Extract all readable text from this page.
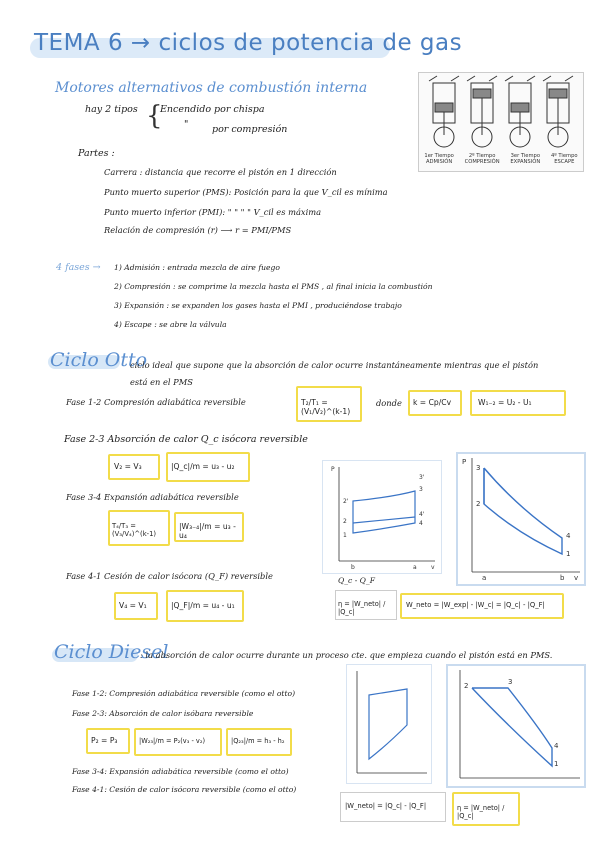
TEMA 6 → ciclos de potencia de gas
1er Tiempo
ADMISIÓN
2º Tiempo
COMPRESIÓN
3er Tiempo
EXPANSIÓN
4º Tiempo
ESCAPE
Motores alternativos de combustión interna
hay 2 tipos {
Encendido por chispa
" por compresión
Partes :
Carrera : distancia que recorre el pistón en 1 dirección
Punto muerto superior (PMS): Posición para la que V_cil es mínima
Punto muerto inferior (PMI): " " " " V_cil es máxima
Relación de compresión (r) ⟶ r = PMI/PMS
4 fases → 1) Admisión : entrada mezcla de aire fuego
2) Compresión : se comprime la mezcla hasta el PMS , al final inicia la combustión
3) Expansión : se expanden los gases hasta el PMI , produciéndose trabajo
4) Escape : se abre la válvula
Ciclo Otto
ciclo ideal que supone que la absorción de calor ocurre instantáneamente mientras que el pistón
está en el PMS
Fase 1-2 Compresión adiabática reversible	T₂/T₁ = (V₁/V₂)^(k-1)
donde	k = Cp/Cv	W₁₋₂ = U₂ - U₁
Fase 2-3 Absorción de calor Q_c isócora reversible
V₂ = V₃	|Q_c|/m = u₃ - u₂
Fase 3-4 Expansión adiabática reversible
T₄/T₃ = (V₃/V₄)^(k-1)
|W₃₋₄|/m = u₃ - u₄
Fase 4-1 Cesión de calor isócora (Q_F) reversible
V₄ = V₁	|Q_F|/m = u₄ - u₁
Q_c - Q_F
η = |W_neto| / |Q_c|
W_neto = |W_exp| - |W_c| = |Q_c| - |Q_F|
3'
3
2'
2
4'
4
1
b	a v
P	3
2
4
1
a	b
P
v
Ciclo Diesel
: la absorción de calor ocurre durante un proceso cte. que empieza cuando el pistón está en PMS.
Fase 1-2: Compresión adiabática reversible (como el otto)
Fase 2-3: Absorción de calor isóbara reversible
P₂ = P₃	|W₂₃|/m = P₂(v₃ - v₂)	|Q₂₃|/m = h₃ - h₂
Fase 3-4: Expansión adiabática reversible (como el otto)
Fase 4-1: Cesión de calor isócora reversible (como el otto)
|W_neto| = |Q_c| - |Q_F|	η = |W_neto| / |Q_c|
2	3
4
1
